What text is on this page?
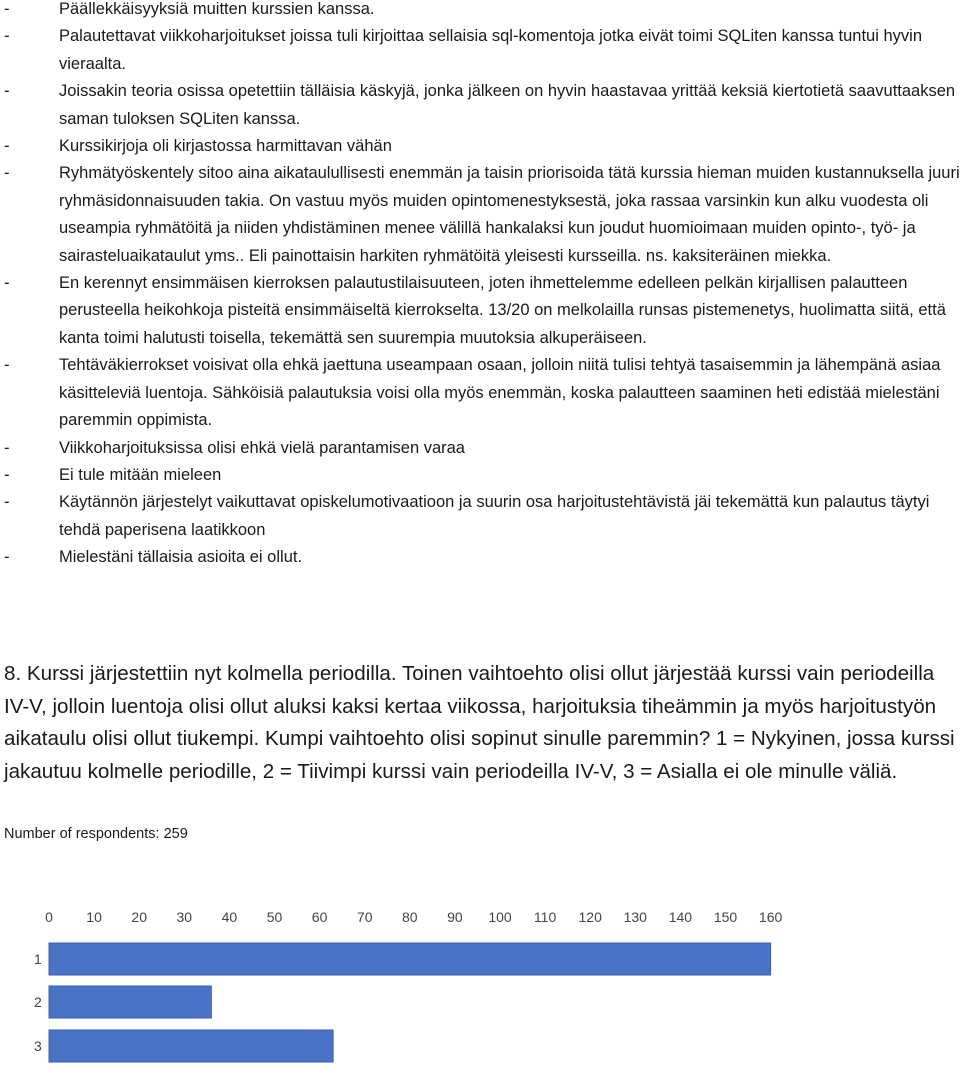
-	Päällekkäisyyksiä muitten kurssien kanssa.
-	Palautettavat viikkoharjoitukset joissa tuli kirjoittaa sellaisia sql-komentoja jotka eivät toimi SQLiten kanssa tuntui hyvin vieraalta.
-	Joissakin teoria osissa opetettiin tälläisia käskyjä, jonka jälkeen on hyvin haastavaa yrittää keksiä kiertotietä saavuttaaksen saman tuloksen SQLiten kanssa.
-	Kurssikirjoja oli kirjastossa harmittavan vähän
-	Ryhmätyöskentely sitoo aina aikataulullisesti enemmän ja taisin priorisoida tätä kurssia hieman muiden kustannuksella juuri ryhmäsidonnaisuuden takia. On vastuu myös muiden opintomenestyksestä, joka rassaa varsinkin kun alku vuodesta oli useampia ryhmätöitä ja niiden yhdistäminen menee välillä hankalaksi kun joudut huomioimaan muiden opinto-, työ- ja sairasteluaikataulut yms.. Eli painottaisin harkiten ryhmätöitä yleisesti kursseilla. ns. kaksiteräinen miekka.
-	En kerennyt ensimmäisen kierroksen palautustilaisuuteen, joten ihmettelemme edelleen pelkän kirjallisen palautteen perusteella heikohkoja pisteitä ensimmäiseltä kierrokselta. 13/20 on melkolailla runsas pistemenetys, huolimatta siitä, että kanta toimi halutusti toisella, tekemättä sen suurempia muutoksia alkuperäiseen.
-	Tehtäväkierrokset voisivat olla ehkä jaettuna useampaan osaan, jolloin niitä tulisi tehtyä tasaisemmin ja lähempänä asiaa käsitteleviä luentoja. Sähköisiä palautuksia voisi olla myös enemmän, koska palautteen saaminen heti edistää mielestäni paremmin oppimista.
-	Viikkoharjoituksissa olisi ehkä vielä parantamisen varaa
-	Ei tule mitään mieleen
-	Käytännön järjestelyt vaikuttavat opiskelumotivaatioon ja suurin osa harjoitustehtävistä jäi tekemättä kun palautus täytyi tehdä paperisena laatikkoon
-	Mielestäni tällaisia asioita ei ollut.
8. Kurssi järjestettiin nyt kolmella periodilla. Toinen vaihtoehto olisi ollut järjestää kurssi vain periodeilla IV-V, jolloin luentoja olisi ollut aluksi kaksi kertaa viikossa, harjoituksia tiheämmin ja myös harjoitustyön aikataulu olisi ollut tiukempi. Kumpi vaihtoehto olisi sopinut sinulle paremmin? 1 = Nykyinen, jossa kurssi jakautuu kolmelle periodille, 2 = Tiivimpi kurssi vain periodeilla IV-V, 3 = Asialla ei ole minulle väliä.
Number of respondents: 259
0 10 20 30 40 50 60 70 80 90 100 110 120 130 140 150 160
1
2
3
